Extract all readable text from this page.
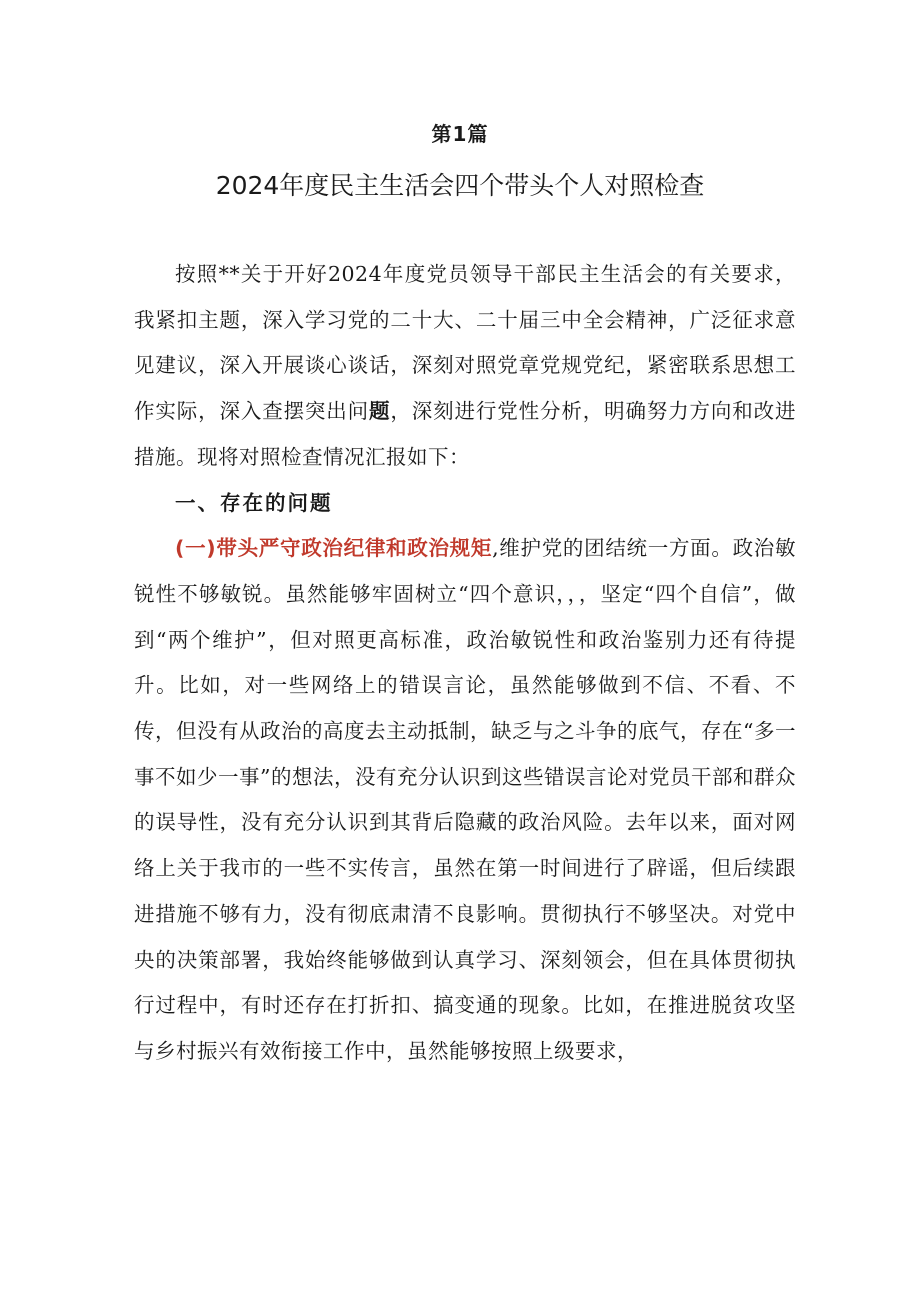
第1篇
2024年度民主生活会四个带头个人对照检查

按照**关于开好2024年度党员领导干部民主生活会的有关要求，我紧扣主题，深入学习党的二十大、二十届三中全会精神，广泛征求意见建议，深入开展谈心谈话，深刻对照党章党规党纪，紧密联系思想工作实际，深入查摆突出问题，深刻进行党性分析，明确努力方向和改进措施。现将对照检查情况汇报如下：

一、存在的问题

(一)带头严守政治纪律和政治规矩,维护党的团结统一方面。政治敏锐性不够敏锐。虽然能够牢固树立“四个意识，，，坚定“四个自信”，做到“两个维护”，但对照更高标准，政治敏锐性和政治鉴别力还有待提升。比如，对一些网络上的错误言论，虽然能够做到不信、不看、不传，但没有从政治的高度去主动抵制，缺乏与之斗争的底气，存在“多一事不如少一事”的想法，没有充分认识到这些错误言论对党员干部和群众的误导性，没有充分认识到其背后隐藏的政治风险。去年以来，面对网络上关于我市的一些不实传言，虽然在第一时间进行了辟谣，但后续跟进措施不够有力，没有彻底肃清不良影响。贯彻执行不够坚决。对党中央的决策部署，我始终能够做到认真学习、深刻领会，但在具体贯彻执行过程中，有时还存在打折扣、搞变通的现象。比如，在推进脱贫攻坚与乡村振兴有效衔接工作中，虽然能够按照上级要求，
